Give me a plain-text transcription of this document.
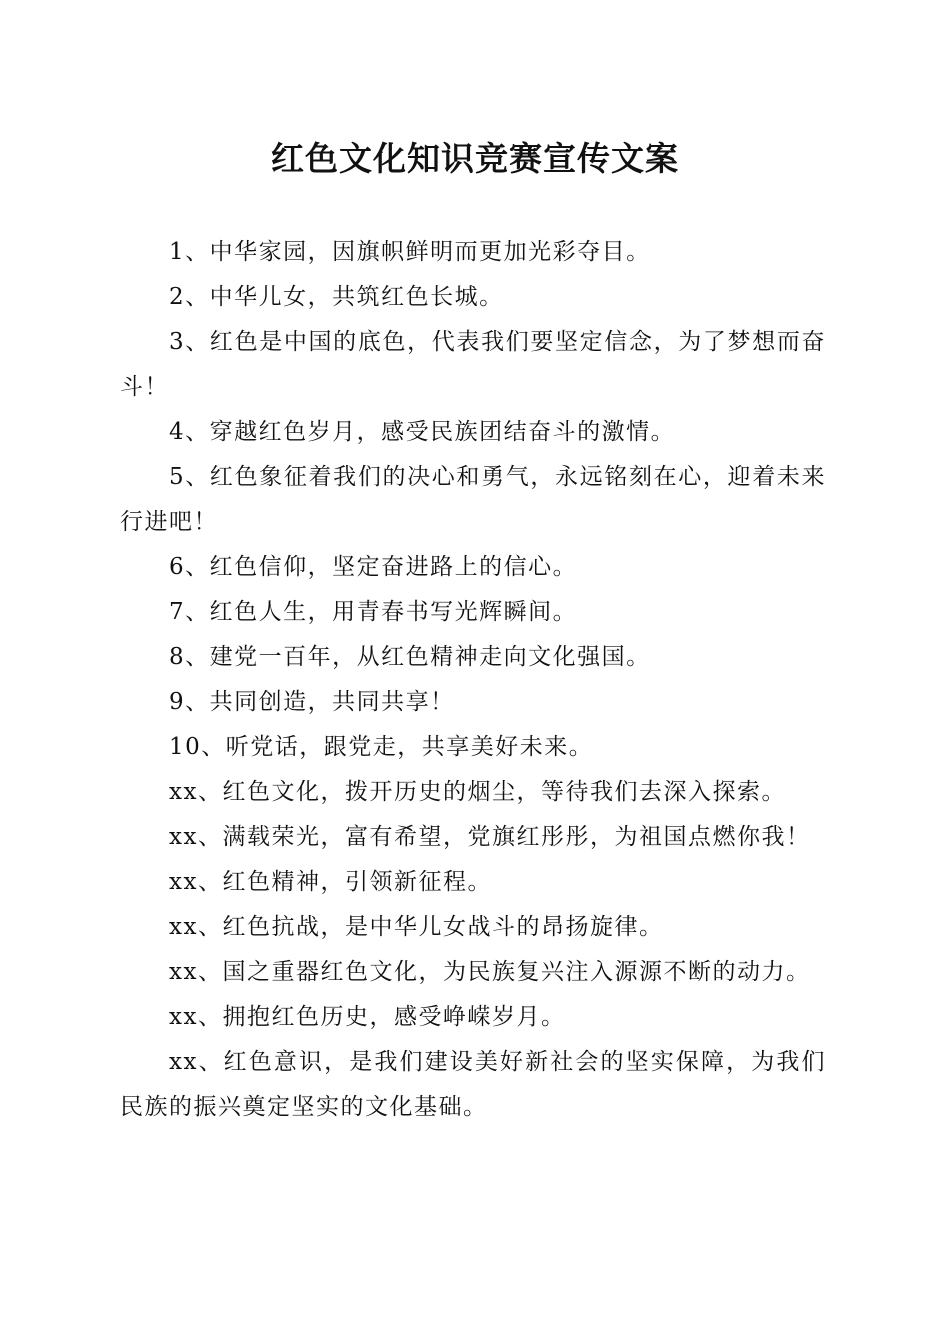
红色文化知识竞赛宣传文案

1、中华家园，因旗帜鲜明而更加光彩夺目。

2、中华儿女，共筑红色长城。

3、红色是中国的底色，代表我们要坚定信念，为了梦想而奋斗！

4、穿越红色岁月，感受民族团结奋斗的激情。

5、红色象征着我们的决心和勇气，永远铭刻在心，迎着未来行进吧！

6、红色信仰，坚定奋进路上的信心。

7、红色人生，用青春书写光辉瞬间。

8、建党一百年，从红色精神走向文化强国。

9、共同创造，共同共享！

10、听党话，跟党走，共享美好未来。

xx、红色文化，拨开历史的烟尘，等待我们去深入探索。

xx、满载荣光，富有希望，党旗红彤彤，为祖国点燃你我！

xx、红色精神，引领新征程。

xx、红色抗战，是中华儿女战斗的昂扬旋律。

xx、国之重器红色文化，为民族复兴注入源源不断的动力。

xx、拥抱红色历史，感受峥嵘岁月。

xx、红色意识，是我们建设美好新社会的坚实保障，为我们民族的振兴奠定坚实的文化基础。
